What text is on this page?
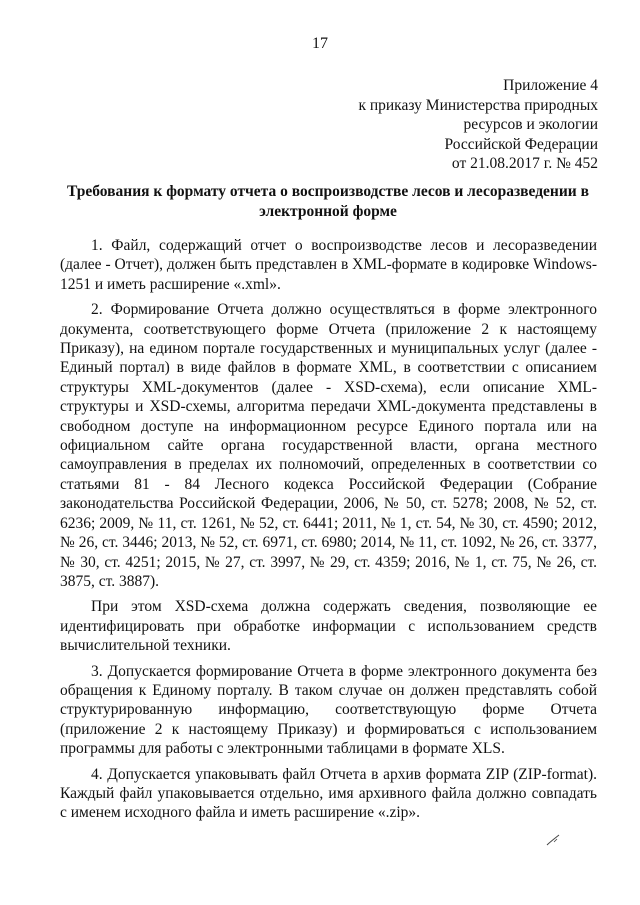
17
Приложение 4
к приказу Министерства природных
ресурсов и экологии
Российской Федерации
от 21.08.2017 г. № 452
Требования к формату отчета о воспроизводстве лесов и лесоразведении в
электронной форме

1. Файл, содержащий отчет о воспроизводстве лесов и лесоразведении (далее - Отчет), должен быть представлен в XML-формате в кодировке Windows-1251 и иметь расширение «.xml».

2. Формирование Отчета должно осуществляться в форме электронного документа, соответствующего форме Отчета (приложение 2 к настоящему Приказу), на едином портале государственных и муниципальных услуг (далее - Единый портал) в виде файлов в формате XML, в соответствии с описанием структуры XML-документов (далее - XSD-схема), если описание XML-структуры и XSD-схемы, алгоритма передачи XML-документа представлены в свободном доступе на информационном ресурсе Единого портала или на официальном сайте органа государственной власти, органа местного самоуправления в пределах их полномочий, определенных в соответствии со статьями 81 - 84 Лесного кодекса Российской Федерации (Собрание законодательства Российской Федерации, 2006, № 50, ст. 5278; 2008, № 52, ст. 6236; 2009, № 11, ст. 1261, № 52, ст. 6441; 2011, № 1, ст. 54, № 30, ст. 4590; 2012, № 26, ст. 3446; 2013, № 52, ст. 6971, ст. 6980; 2014, № 11, ст. 1092, № 26, ст. 3377, № 30, ст. 4251; 2015, № 27, ст. 3997, № 29, ст. 4359; 2016, № 1, ст. 75, № 26, ст. 3875, ст. 3887).

При этом XSD-схема должна содержать сведения, позволяющие ее идентифицировать при обработке информации с использованием средств вычислительной техники.

3. Допускается формирование Отчета в форме электронного документа без обращения к Единому порталу. В таком случае он должен представлять собой структурированную информацию, соответствующую форме Отчета (приложение 2 к настоящему Приказу) и формироваться с использованием программы для работы с электронными таблицами в формате XLS.

4. Допускается упаковывать файл Отчета в архив формата ZIP (ZIP-format). Каждый файл упаковывается отдельно, имя архивного файла должно совпадать с именем исходного файла и иметь расширение «.zip».
